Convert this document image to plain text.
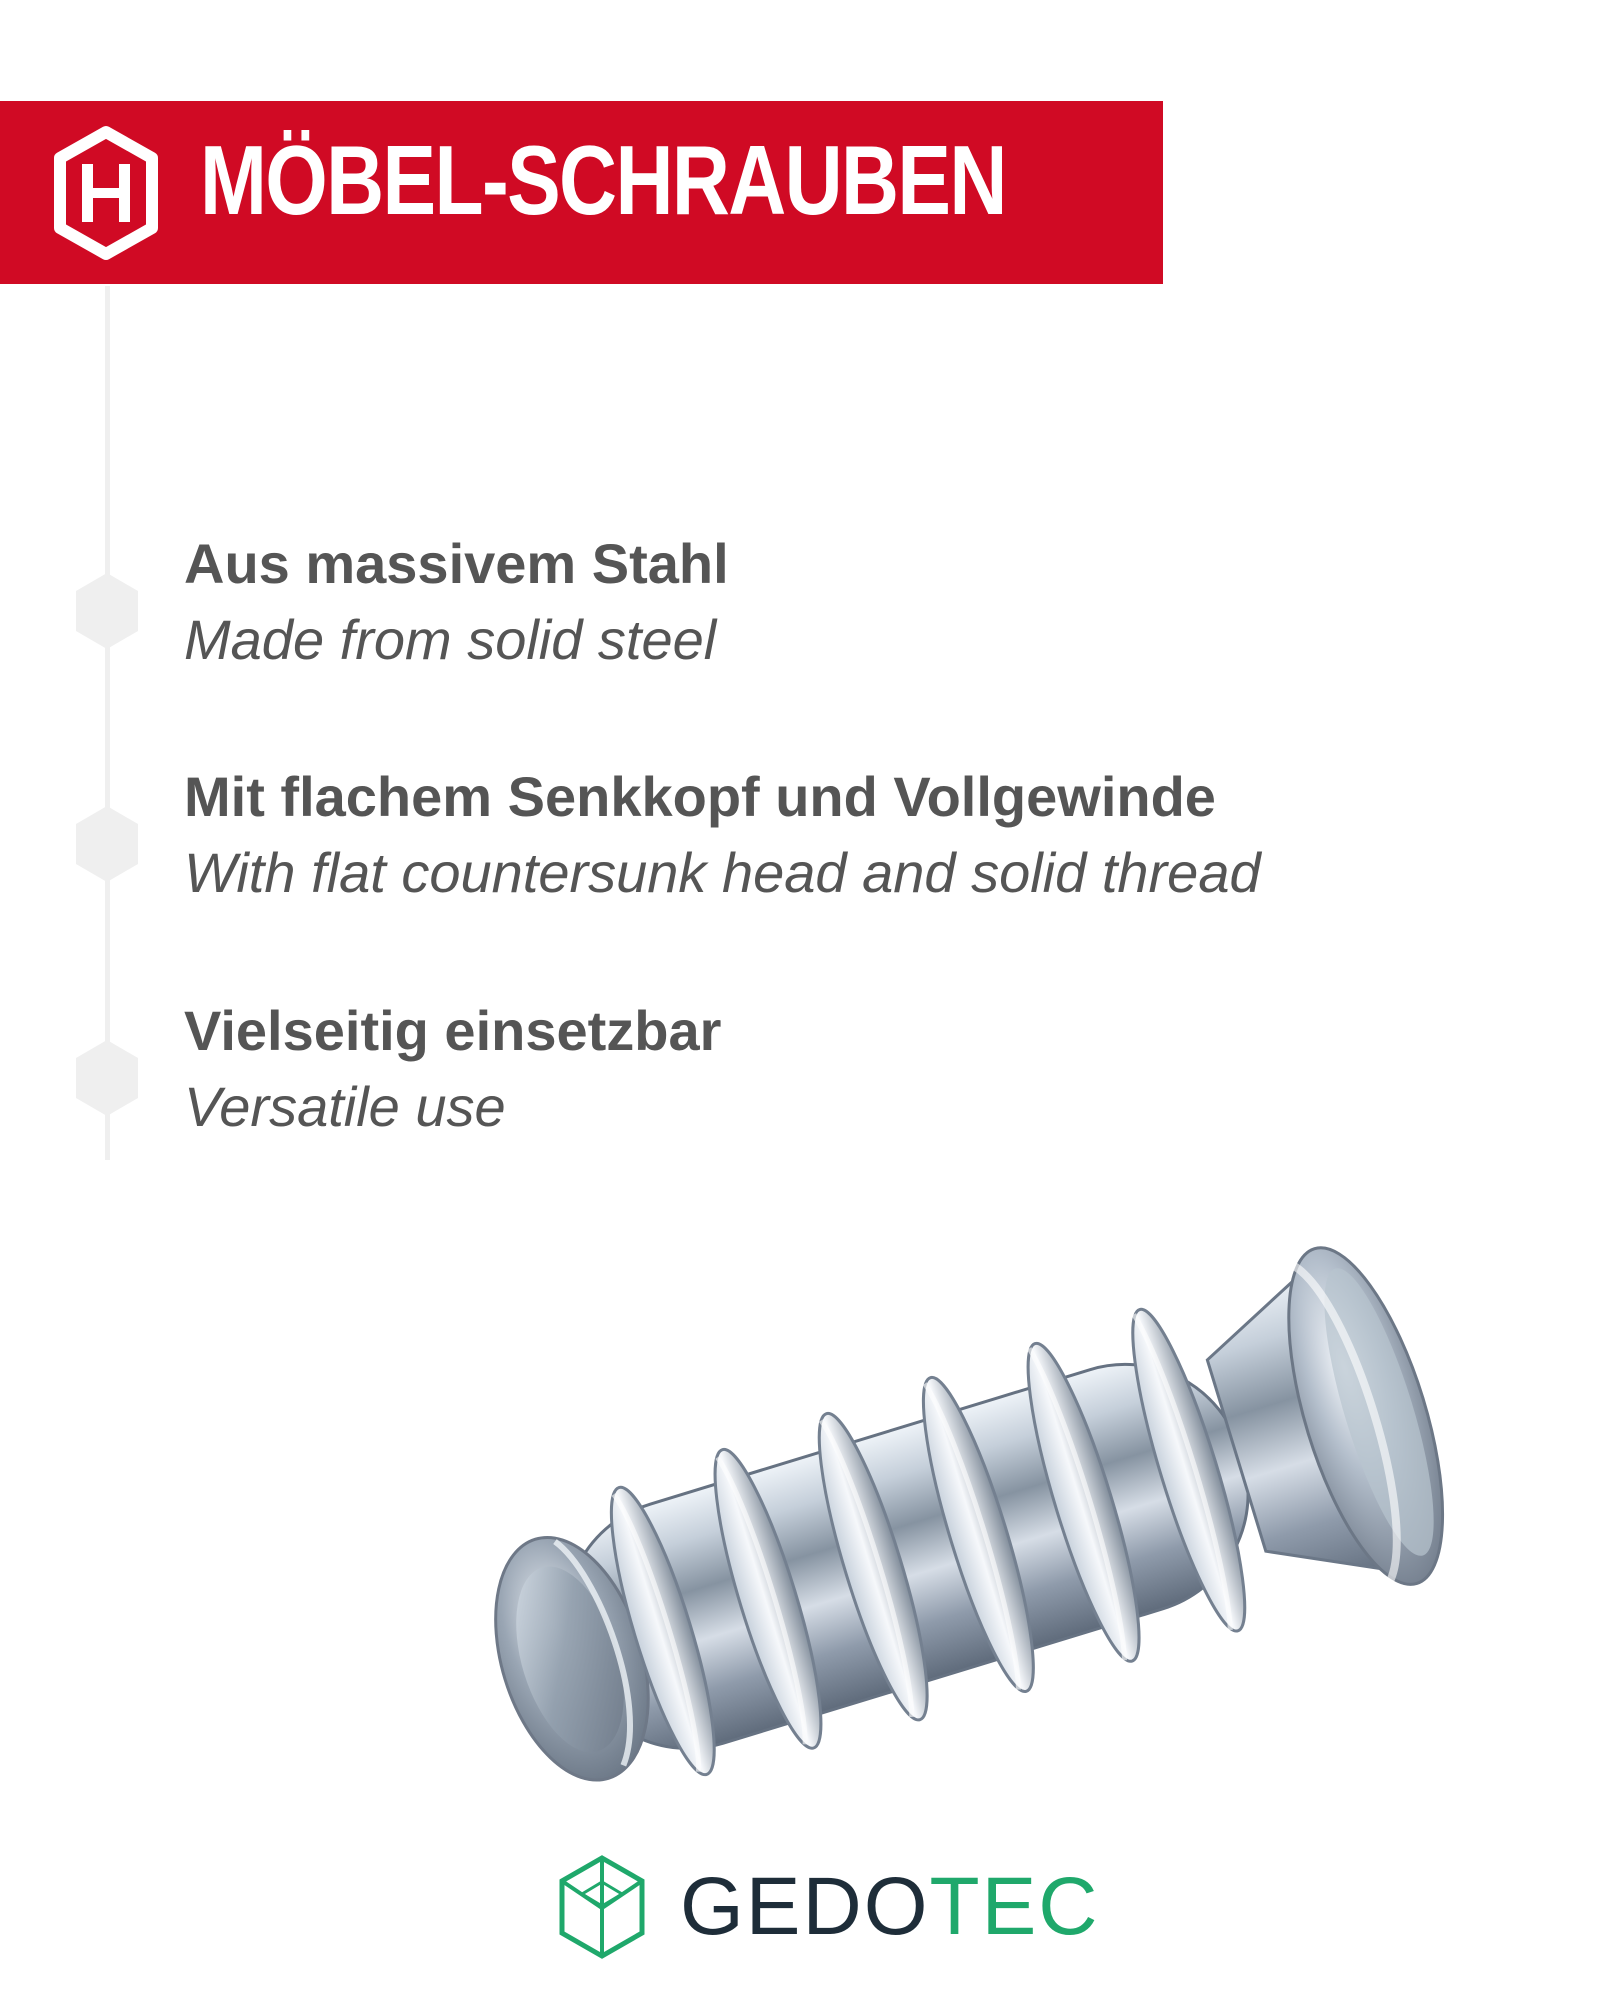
MÖBEL-SCHRAUBEN
Aus massivem Stahl
Made from solid steel
Mit flachem Senkkopf und Vollgewinde
With flat countersunk head and solid thread
Vielseitig einsetzbar
Versatile use
GEDOTEC
